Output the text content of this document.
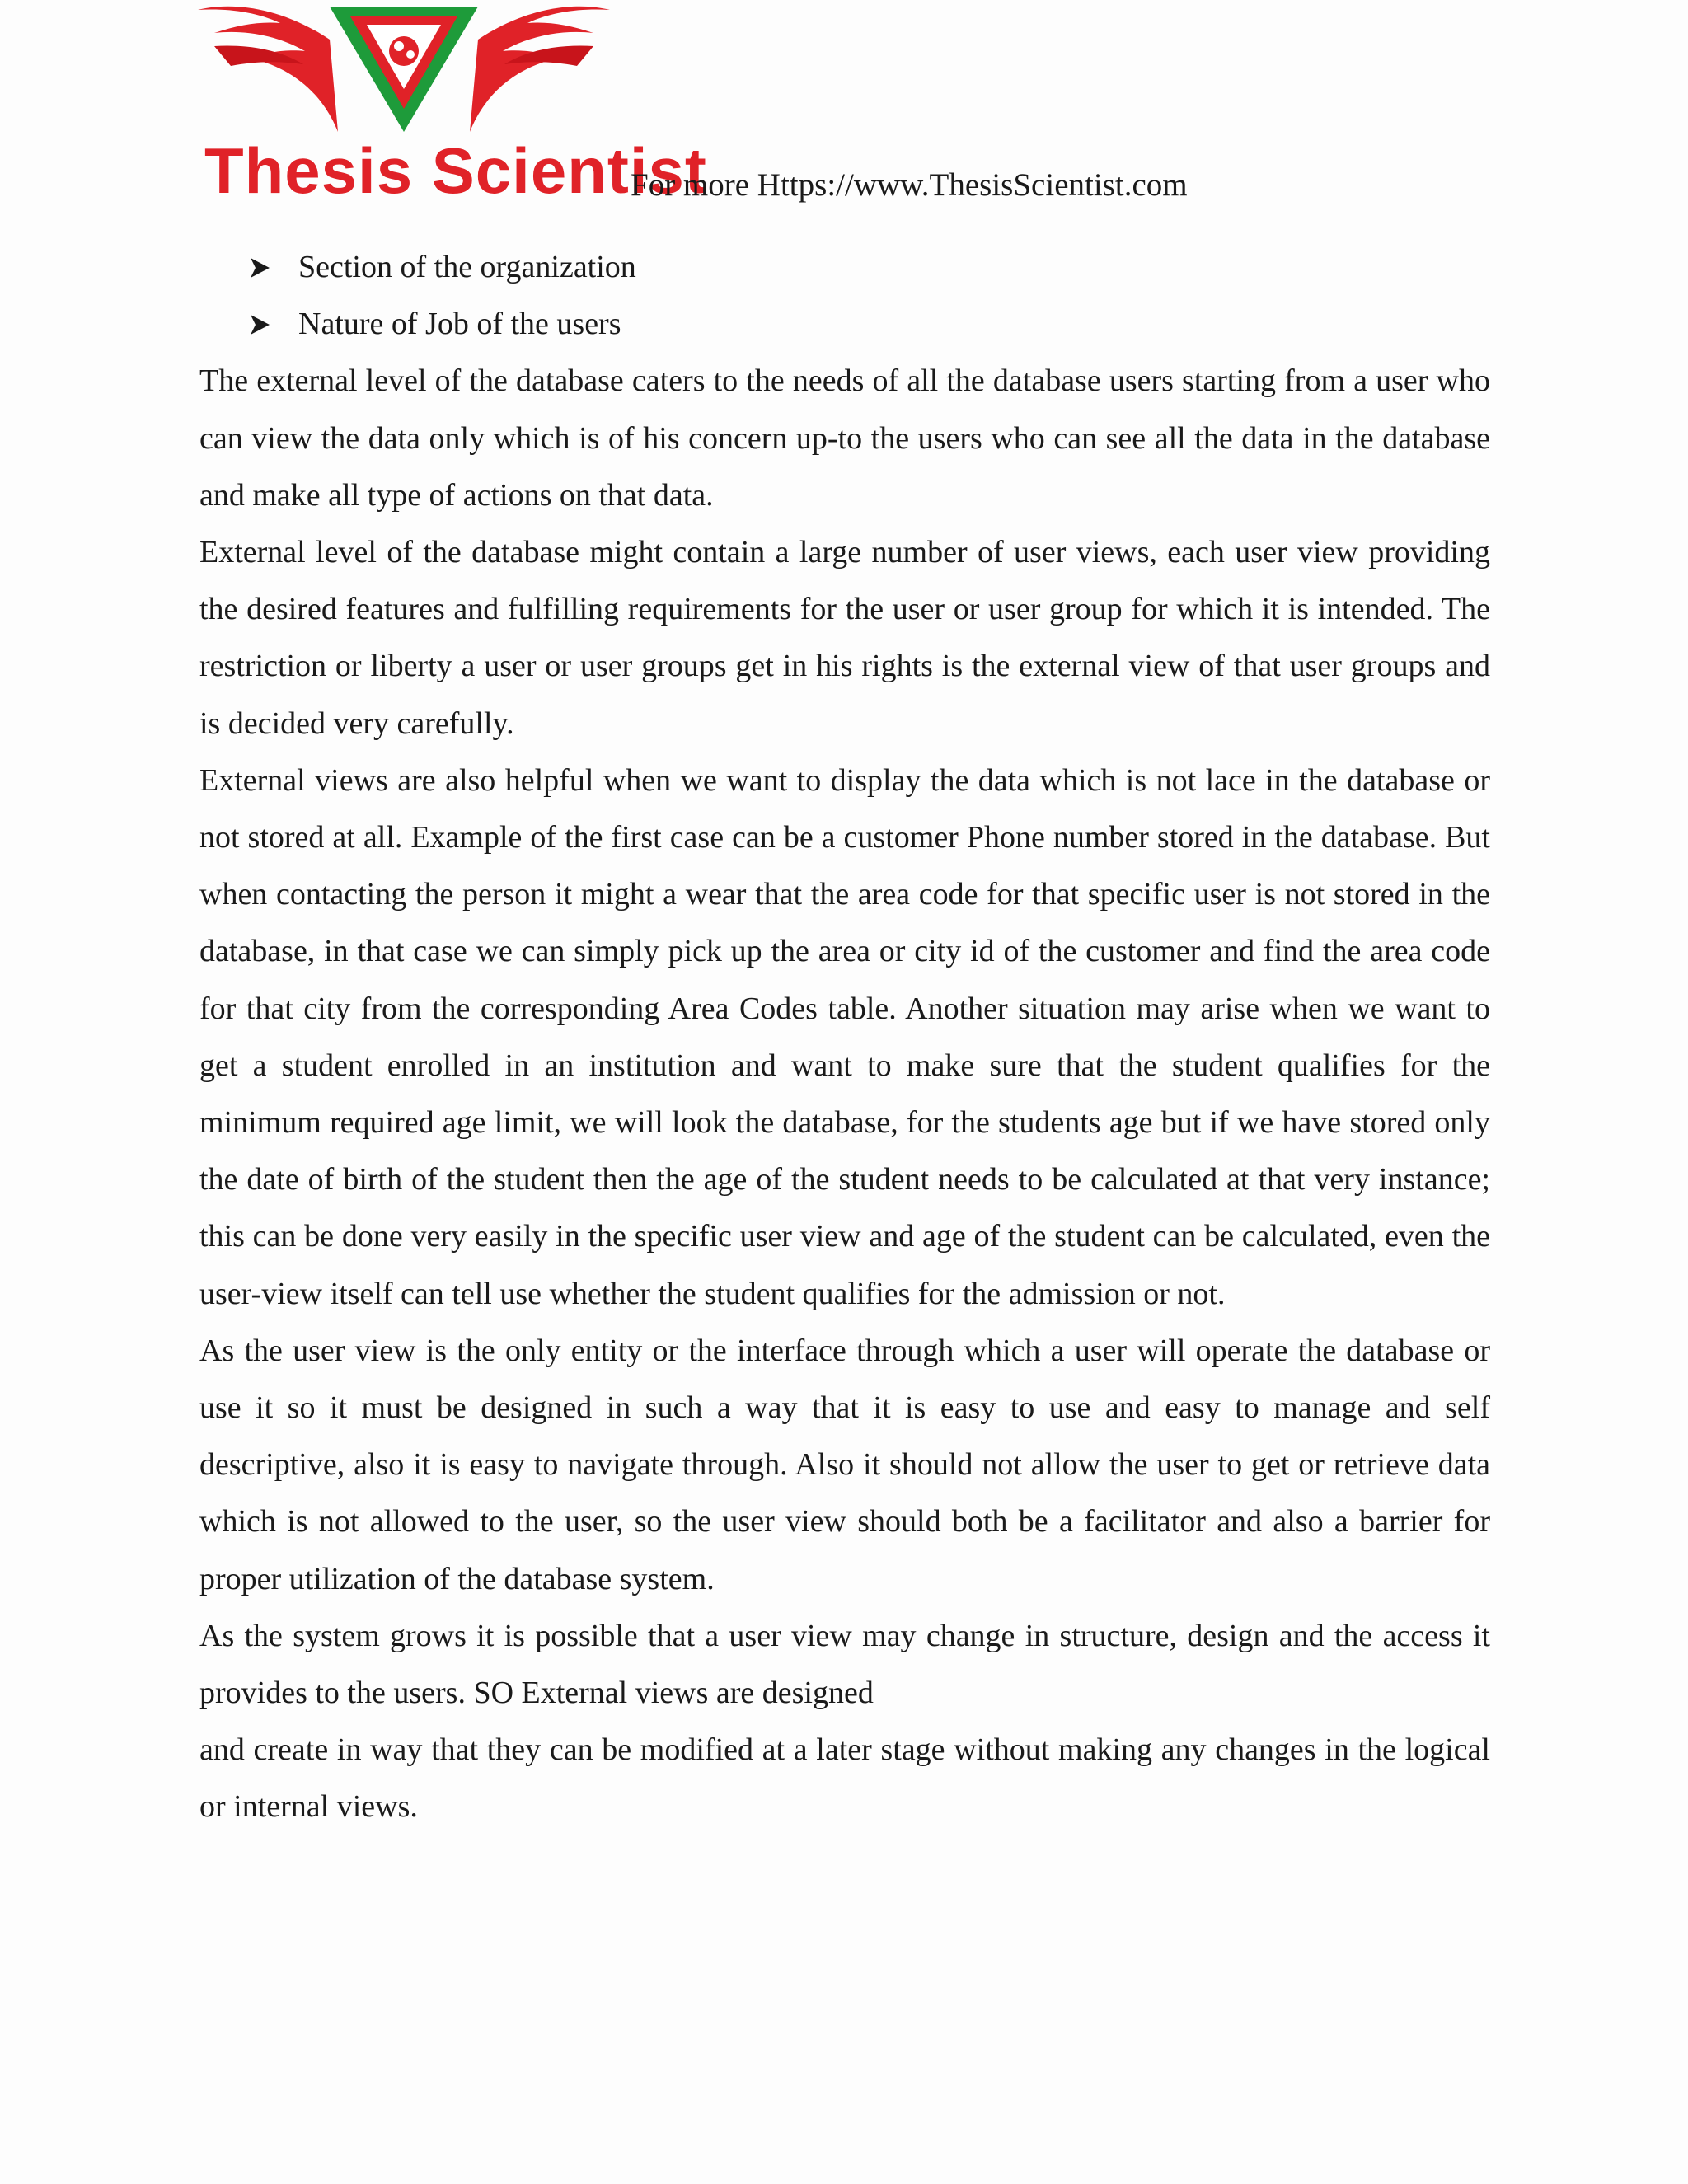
Thesis Scientist
For more Https://www.ThesisScientist.com
Section of the organization
Nature of Job of the users

The external level of the database caters to the needs of all the database users starting from a user who can view the data only which is of his concern up-to the users who can see all the data in the database and make all type of actions on that data.

External level of the database might contain a large number of user views, each user view providing the desired features and fulfilling requirements for the user or user group for which it is intended. The restriction or liberty a user or user groups get in his rights is the external view of that user groups and is decided very carefully.

External views are also helpful when we want to display the data which is not lace in the database or not stored at all. Example of the first case can be a customer Phone number stored in the database. But when contacting the person it might a wear that the area code for that specific user is not stored in the database, in that case we can simply pick up the area or city id of the customer and find the area code for that city from the corresponding Area Codes table. Another situation may arise when we want to get a student enrolled in an institution and want to make sure that the student qualifies for the minimum required age limit, we will look the database, for the students age but if we have stored only the date of birth of the student then the age of the student needs to be calculated at that very instance; this can be done very easily in the specific user view and age of the student can be calculated, even the user-view itself can tell use whether the student qualifies for the admission or not.

As the user view is the only entity or the interface through which a user will operate the database or use it so it must be designed in such a way that it is easy to use and easy to manage and self descriptive, also it is easy to navigate through. Also it should not allow the user to get or retrieve data which is not allowed to the user, so the user view should both be a facilitator and also a barrier for proper utilization of the database system.

As the system grows it is possible that a user view may change in structure, design and the access it provides to the users. SO External views are designed

and create in way that they can be modified at a later stage without making any changes in the logical or internal views.
